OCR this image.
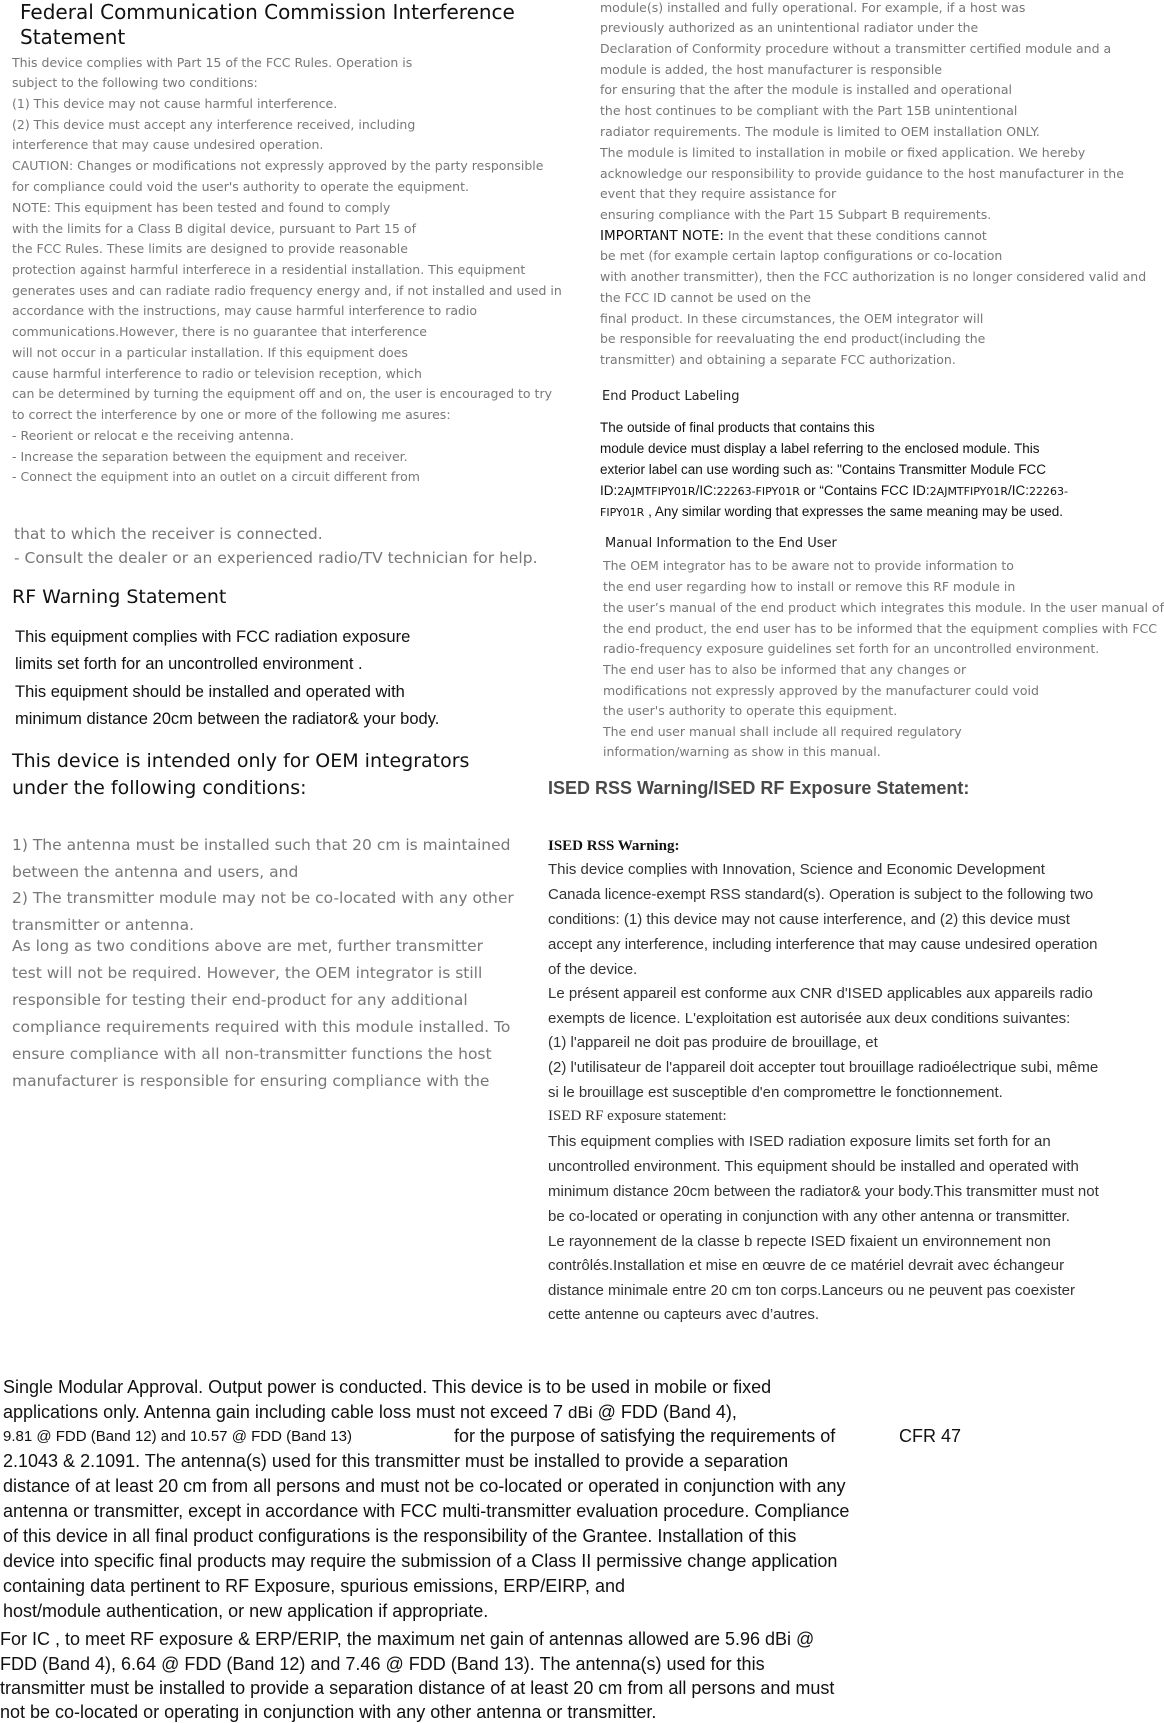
Federal Communication Commission Interference
Statement
This device complies with Part 15 of the FCC Rules. Operation is
subject to the following two conditions:
(1) This device may not cause harmful interference.
(2) This device must accept any interference received, including
interference that may cause undesired operation.
CAUTION: Changes or modifications not expressly approved by the party responsible
for compliance could void the user's authority to operate the equipment.
NOTE: This equipment has been tested and found to comply
with the limits for a Class B digital device, pursuant to Part 15 of
the FCC Rules. These limits are designed to provide reasonable
protection against harmful interferece in a residential installation. This equipment
generates uses and can radiate radio frequency energy and, if not installed and used in
accordance with the instructions, may cause harmful interference to radio
communications.However, there is no guarantee that interference
will not occur in a particular installation. If this equipment does
cause harmful interference to radio or television reception, which
can be determined by turning the equipment off and on, the user is encouraged to try
to correct the interference by one or more of the following me asures:
- Reorient or relocat e the receiving antenna.
- Increase the separation between the equipment and receiver.
- Connect the equipment into an outlet on a circuit different from
that to which the receiver is connected.
- Consult the dealer or an experienced radio/TV technician for help.
RF Warning Statement
This equipment complies with FCC radiation exposure
limits set forth for an uncontrolled environment .
This equipment should be installed and operated with
minimum distance 20cm between the radiator& your body.
This device is intended only for OEM integrators
under the following conditions:
1) The antenna must be installed such that 20 cm is maintained
between the antenna and users, and
2) The transmitter module may not be co-located with any other
transmitter or antenna.
As long as two conditions above are met, further transmitter
test will not be required. However, the OEM integrator is still
responsible for testing their end-product for any additional
compliance requirements required with this module installed. To
ensure compliance with all non-transmitter functions the host
manufacturer is responsible for ensuring compliance with the
module(s) installed and fully operational. For example, if a host was
previously authorized as an unintentional radiator under the
Declaration of Conformity procedure without a transmitter certified module and a
module is added, the host manufacturer is responsible
for ensuring that the after the module is installed and operational
the host continues to be compliant with the Part 15B unintentional
radiator requirements. The module is limited to OEM installation ONLY.
The module is limited to installation in mobile or fixed application. We hereby
acknowledge our responsibility to provide guidance to the host manufacturer in the
event that they require assistance for
ensuring compliance with the Part 15 Subpart B requirements.
IMPORTANT NOTE: In the event that these conditions cannot
be met (for example certain laptop configurations or co-location
with another transmitter), then the FCC authorization is no longer considered valid and
the FCC ID cannot be used on the
final product. In these circumstances, the OEM integrator will
be responsible for reevaluating the end product(including the
transmitter) and obtaining a separate FCC authorization.
End Product Labeling
The outside of final products that contains this
module device must display a label referring to the enclosed module. This
exterior label can use wording such as: "Contains Transmitter Module FCC
ID:2AJMTFIPY01R/IC:22263-FIPY01R or “Contains FCC ID:2AJMTFIPY01R/IC:22263-
FIPY01R , Any similar wording that expresses the same meaning may be used.
Manual Information to the End User
The OEM integrator has to be aware not to provide information to
the end user regarding how to install or remove this RF module in
the user’s manual of the end product which integrates this module. In the user manual of
the end product, the end user has to be informed that the equipment complies with FCC
radio-frequency exposure guidelines set forth for an uncontrolled environment.
The end user has to also be informed that any changes or
modifications not expressly approved by the manufacturer could void
the user's authority to operate this equipment.
The end user manual shall include all required regulatory
information/warning as show in this manual.
ISED RSS Warning/ISED RF Exposure Statement:
ISED RSS Warning:
This device complies with Innovation, Science and Economic Development
Canada licence-exempt RSS standard(s). Operation is subject to the following two
conditions: (1) this device may not cause interference, and (2) this device must
accept any interference, including interference that may cause undesired operation
of the device.
Le présent appareil est conforme aux CNR d'ISED applicables aux appareils radio
exempts de licence. L'exploitation est autorisée aux deux conditions suivantes:
(1) l'appareil ne doit pas produire de brouillage, et
(2) l'utilisateur de l'appareil doit accepter tout brouillage radioélectrique subi, même
si le brouillage est susceptible d'en compromettre le fonctionnement.
ISED RF exposure statement:
This equipment complies with ISED radiation exposure limits set forth for an
uncontrolled environment. This equipment should be installed and operated with
minimum distance 20cm between the radiator& your body.This transmitter must not
be co-located or operating in conjunction with any other antenna or transmitter.
Le rayonnement de la classe b repecte ISED fixaient un environnement non
contrôlés.Installation et mise en œuvre de ce matériel devrait avec échangeur
distance minimale entre 20 cm ton corps.Lanceurs ou ne peuvent pas coexister
cette antenne ou capteurs avec d’autres.
Single Modular Approval. Output power is conducted. This device is to be used in mobile or fixed
applications only. Antenna gain including cable loss must not exceed 7 dBi @ FDD (Band 4),
9.81 @ FDD (Band 12) and 10.57 @ FDD (Band 13)	for the purpose of satisfying the requirements of	CFR 47
2.1043 & 2.1091. The antenna(s) used for this transmitter must be installed to provide a separation
distance of at least 20 cm from all persons and must not be co-located or operated in conjunction with any
antenna or transmitter, except in accordance with FCC multi-transmitter evaluation procedure. Compliance
of this device in all final product configurations is the responsibility of the Grantee. Installation of this
device into specific final products may require the submission of a Class II permissive change application
containing data pertinent to RF Exposure, spurious emissions, ERP/EIRP, and
host/module authentication, or new application if appropriate.
For IC , to meet RF exposure & ERP/ERIP, the maximum net gain of antennas allowed are 5.96 dBi @
FDD (Band 4), 6.64 @ FDD (Band 12) and 7.46 @ FDD (Band 13). The antenna(s) used for this
transmitter must be installed to provide a separation distance of at least 20 cm from all persons and must
not be co-located or operating in conjunction with any other antenna or transmitter.
